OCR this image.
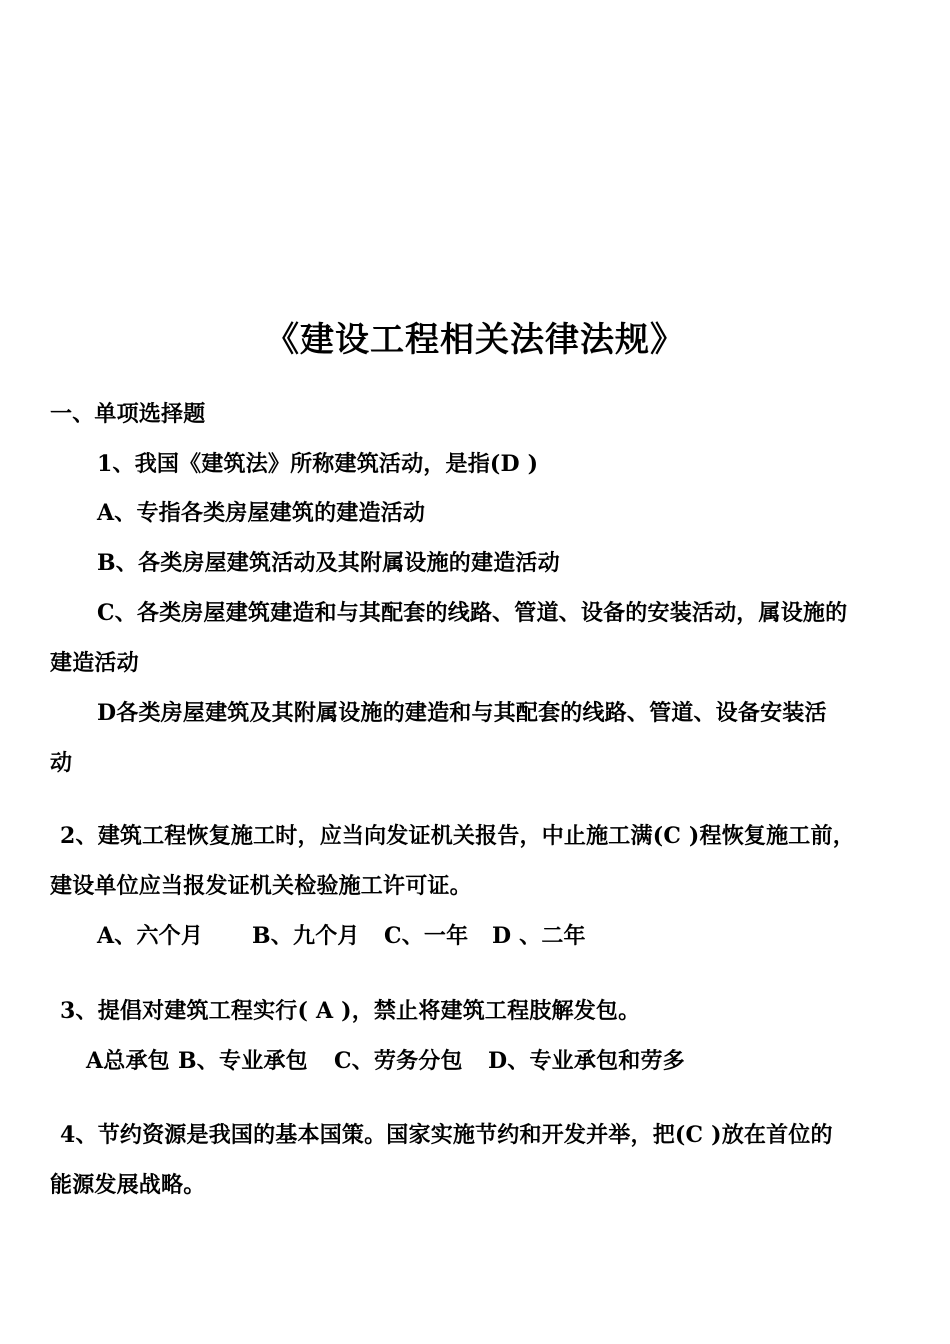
《建设工程相关法律法规》
一、单项选择题
1、我国《建筑法》所称建筑活动，是指(D )
A、专指各类房屋建筑的建造活动
B、各类房屋建筑活动及其附属设施的建造活动
C、各类房屋建筑建造和与其配套的线路、管道、设备的安装活动，属设施的
建造活动
D各类房屋建筑及其附属设施的建造和与其配套的线路、管道、设备安装活
动
2、建筑工程恢复施工时，应当向发证机关报告，中止施工满(C )程恢复施工前，
建设单位应当报发证机关检验施工许可证。
A、六个月 B、九个月 C、一年 D 、二年
3、提倡对建筑工程实行( A )，禁止将建筑工程肢解发包。
A总承包 B、专业承包 C、劳务分包 D、专业承包和劳多
4、节约资源是我国的基本国策。国家实施节约和开发并举，把(C )放在首位的
能源发展战略。
